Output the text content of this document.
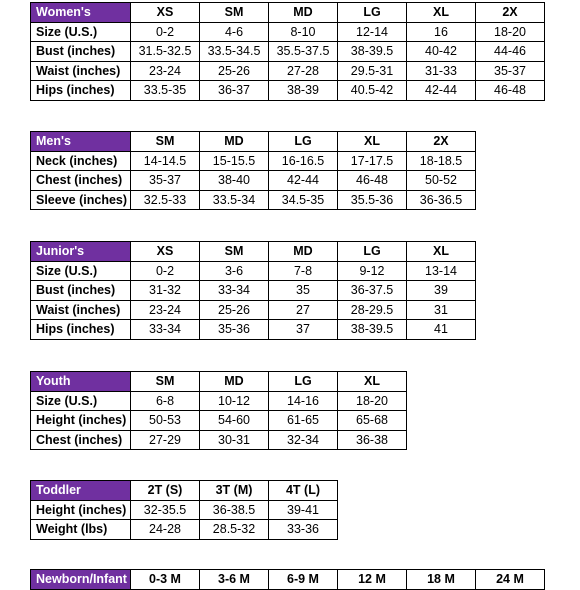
Women's	XS	SM	MD	LG	XL	2X
Size (U.S.)	0-2	4-6	8-10	12-14	16	18-20
Bust (inches)	31.5-32.5	33.5-34.5	35.5-37.5	38-39.5	40-42	44-46
Waist (inches)	23-24	25-26	27-28	29.5-31	31-33	35-37
Hips (inches)	33.5-35	36-37	38-39	40.5-42	42-44	46-48
Men's	SM	MD	LG	XL	2X
Neck (inches)	14-14.5	15-15.5	16-16.5	17-17.5	18-18.5
Chest (inches)	35-37	38-40	42-44	46-48	50-52
Sleeve (inches)	32.5-33	33.5-34	34.5-35	35.5-36	36-36.5
Junior's	XS	SM	MD	LG	XL
Size (U.S.)	0-2	3-6	7-8	9-12	13-14
Bust (inches)	31-32	33-34	35	36-37.5	39
Waist (inches)	23-24	25-26	27	28-29.5	31
Hips (inches)	33-34	35-36	37	38-39.5	41
Youth	SM	MD	LG	XL
Size (U.S.)	6-8	10-12	14-16	18-20
Height (inches)	50-53	54-60	61-65	65-68
Chest (inches)	27-29	30-31	32-34	36-38
Toddler	2T (S)	3T (M)	4T (L)
Height (inches)	32-35.5	36-38.5	39-41
Weight (lbs)	24-28	28.5-32	33-36
Newborn/Infant	0-3 M	3-6 M	6-9 M	12 M	18 M	24 M
